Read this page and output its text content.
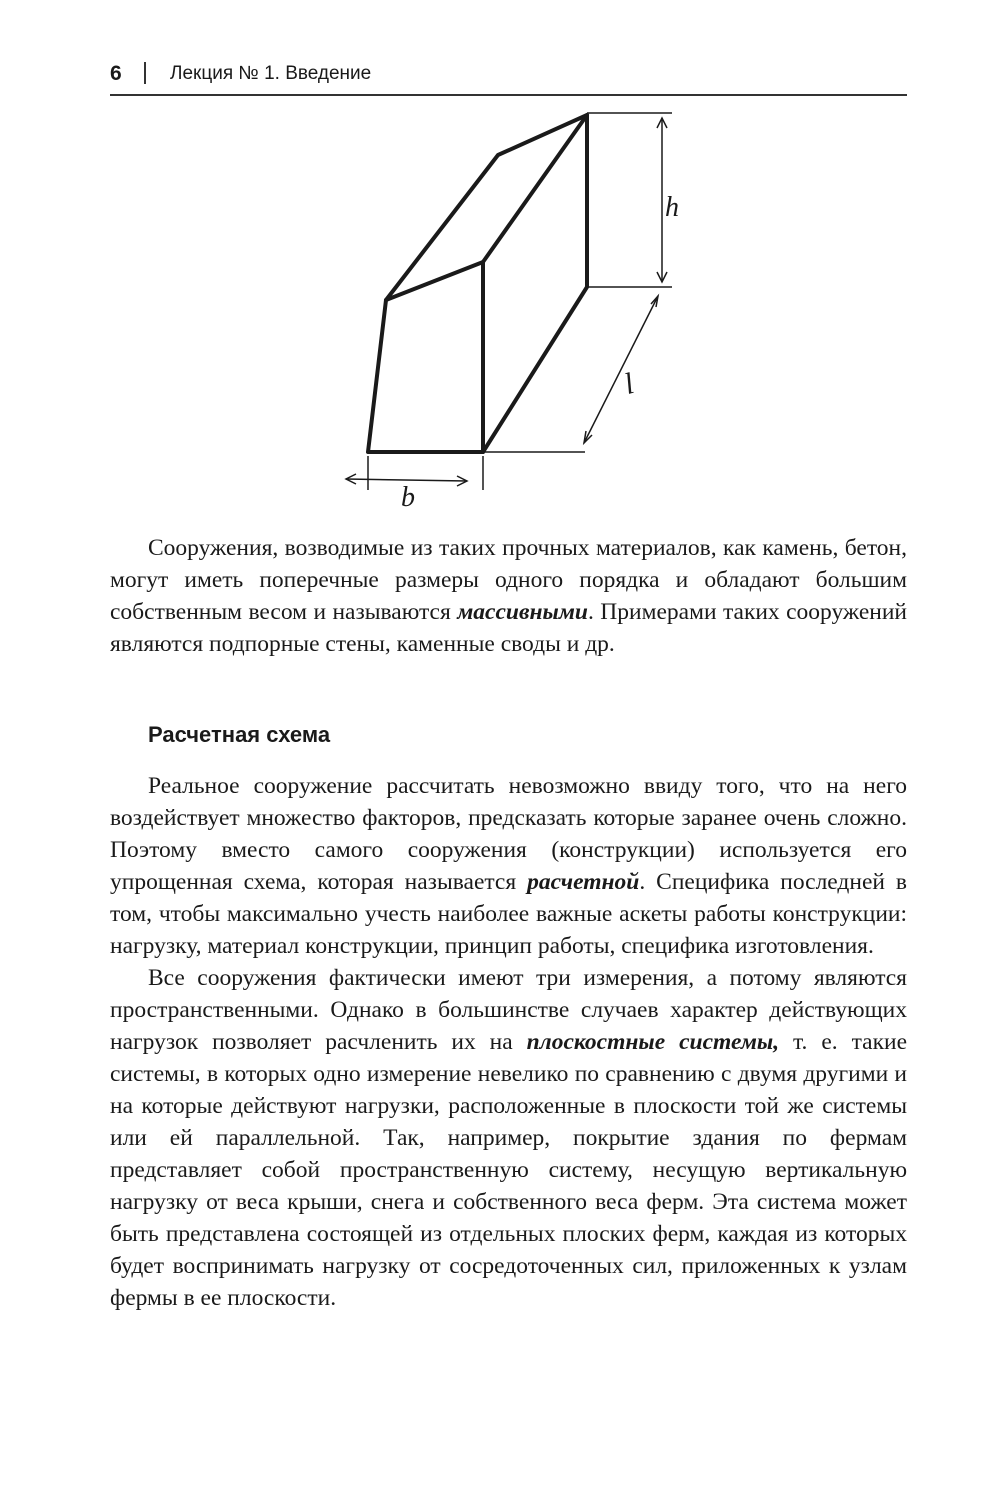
6	Лекция № 1. Введение
h
l
b

Сооружения, возводимые из таких прочных материалов, как камень, бетон, могут иметь поперечные размеры одного порядка и обладают большим собственным весом и называются массивными. Примерами таких сооружений являются подпорные стены, каменные своды и др.

Расчетная схема

Реальное сооружение рассчитать невозможно ввиду того, что на него воздействует множество факторов, предсказать которые заранее очень сложно. Поэтому вместо самого сооружения (конструкции) используется его упрощенная схема, которая называется расчетной. Специфика последней в том, чтобы максимально учесть наиболее важные аскеты работы конструкции: нагрузку, материал конструкции, принцип работы, специфика изготовления.

Все сооружения фактически имеют три измерения, а потому являются пространственными. Однако в большинстве случаев характер действующих нагрузок позволяет расчленить их на плоскостные системы, т. е. такие системы, в которых одно измерение невелико по сравнению с двумя другими и на которые действуют нагрузки, расположенные в плоскости той же системы или ей параллельной. Так, например, покрытие здания по фермам представляет собой пространственную систему, несущую вертикальную нагрузку от веса крыши, снега и собственного веса ферм. Эта система может быть представлена состоящей из отдельных плоских ферм, каждая из которых будет воспринимать нагрузку от сосредоточенных сил, приложенных к узлам фермы в ее плоскости.
